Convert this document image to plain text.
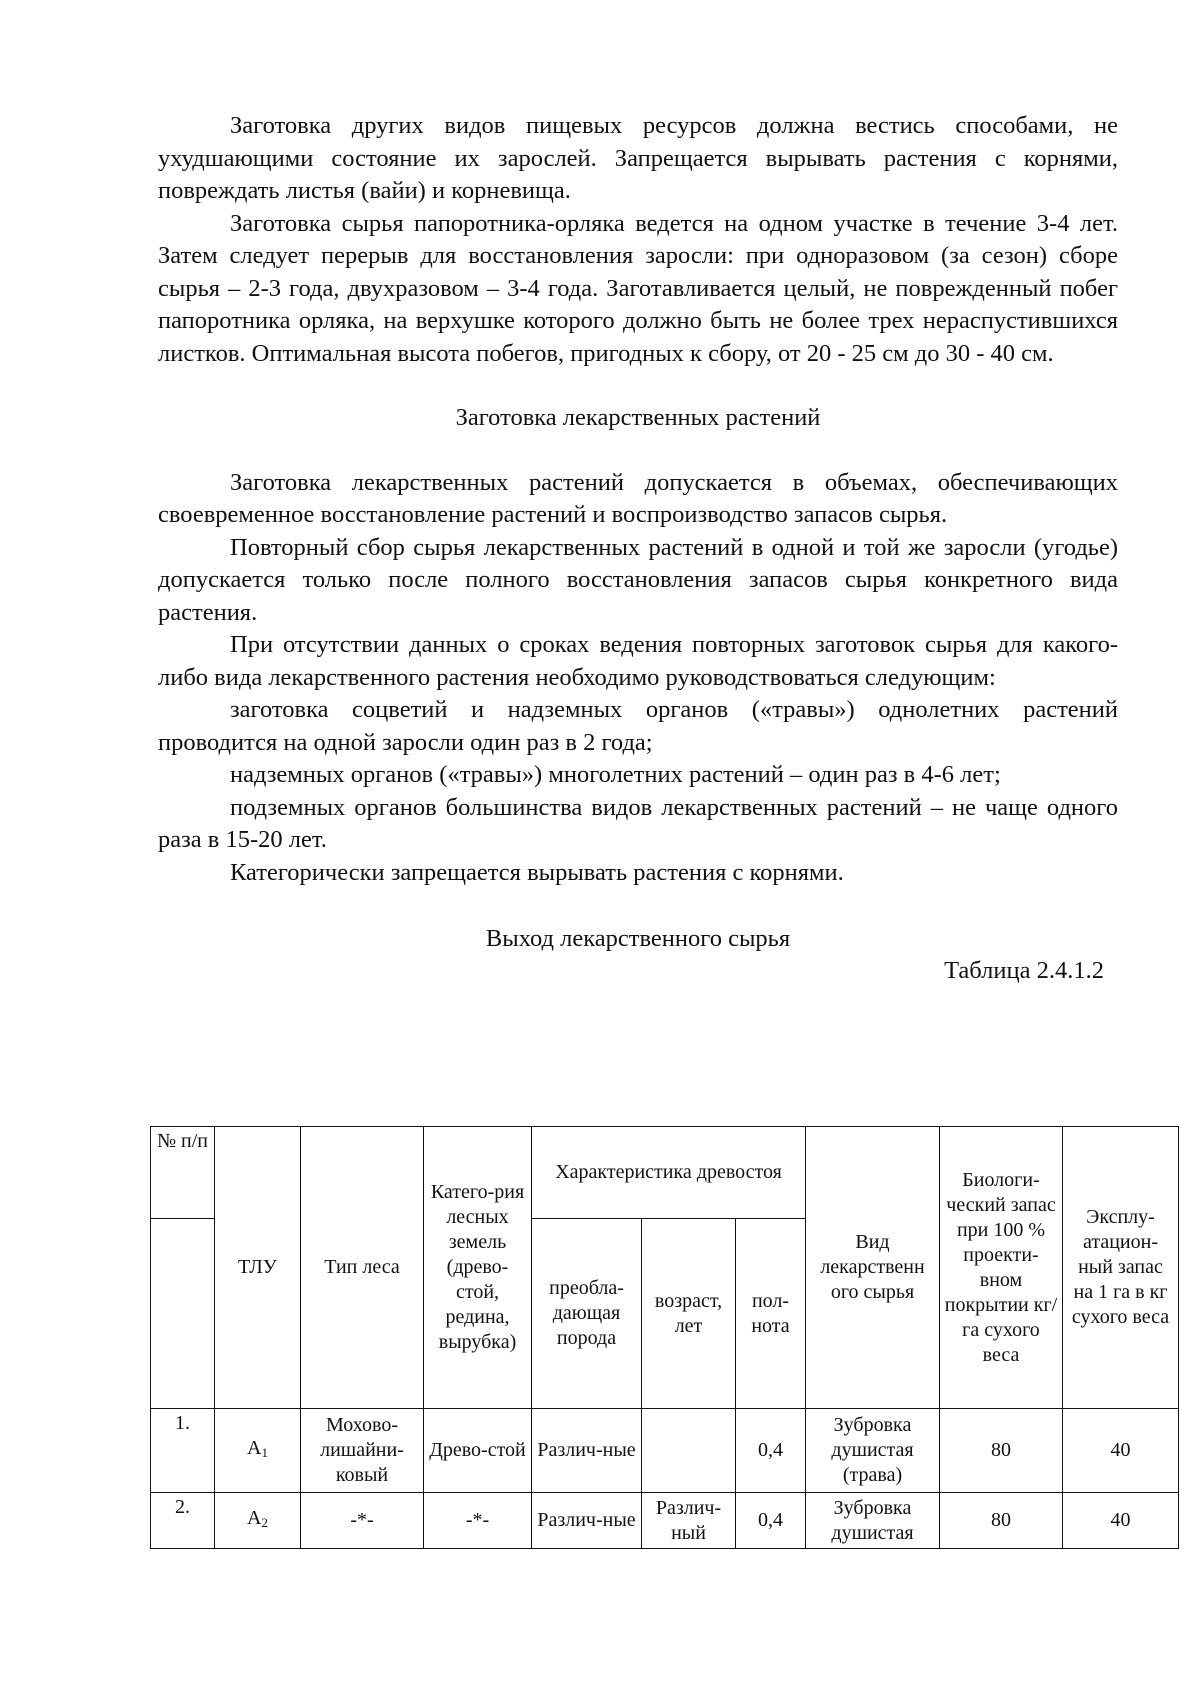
Заготовка других видов пищевых ресурсов должна вестись способами, не ухудшающими состояние их зарослей. Запрещается вырывать растения с корнями, повреждать листья (вайи) и корневища.

Заготовка сырья папоротника-орляка ведется на одном участке в течение 3-4 лет. Затем следует перерыв для восстановления заросли: при одноразовом (за сезон) сборе сырья – 2-3 года, двухразовом – 3-4 года. Заготавливается целый, не поврежденный побег папоротника орляка, на верхушке которого должно быть не более трех нераспустившихся листков. Оптимальная высота побегов, пригодных к сбору, от 20 - 25 см до 30 - 40 см.

Заготовка лекарственных растений

Заготовка лекарственных растений допускается в объемах, обеспечивающих своевременное восстановление растений и воспроизводство запасов сырья.

Повторный сбор сырья лекарственных растений в одной и той же заросли (угодье) допускается только после полного восстановления запасов сырья конкретного вида растения.

При отсутствии данных о сроках ведения повторных заготовок сырья для какого-либо вида лекарственного растения необходимо руководствоваться следующим:

заготовка соцветий и надземных органов («травы») однолетних растений проводится на одной заросли один раз в 2 года;

надземных органов («травы») многолетних растений – один раз в 4-6 лет;

подземных органов большинства видов лекарственных растений – не чаще одного раза в 15-20 лет.

Категорически запрещается вырывать растения с корнями.

Выход лекарственного сырья

Таблица 2.4.1.2

№ п/п	ТЛУ	Тип леса	Катего-рия лесных земель (древо-стой, редина, вырубка)	Характеристика древостоя			Вид лекарственн ого сырья	Биологи-ческий запас при 100 % проекти-вном покрытии кг/ га сухого веса	Эксплу-атацион-ный запас на 1 га в кг сухого веса
				преобла-дающая порода	возраст, лет	пол-нота			
1.	$А_1$	Мохово-лишайни-ковый	Древо-стой	Различ-ные		0,4	Зубровка душистая (трава)	80	40
2.	$А_2$	-*-	-*-	Различ-ные	Различ-ный	0,4	Зубровка душистая	80	40
